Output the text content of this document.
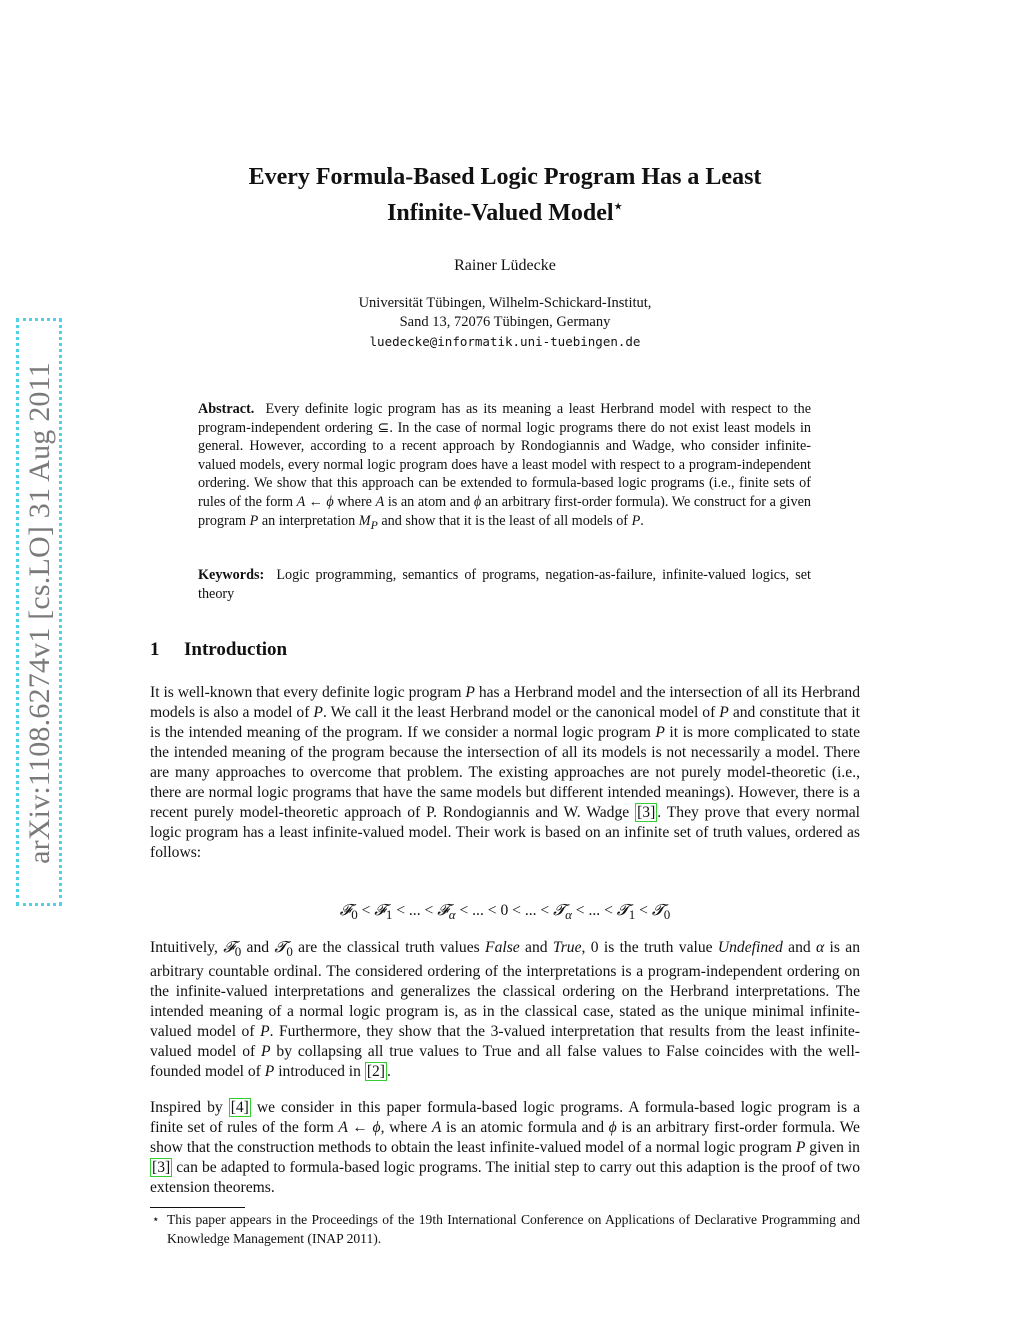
arXiv:1108.6274v1 [cs.LO] 31 Aug 2011
Every Formula-Based Logic Program Has a Least
Infinite-Valued Model⋆
Rainer Lüdecke
Universität Tübingen, Wilhelm-Schickard-Institut,
Sand 13, 72076 Tübingen, Germany
luedecke@informatik.uni-tuebingen.de

Abstract. Every definite logic program has as its meaning a least Herbrand model with respect to the program-independent ordering ⊆. In the case of normal logic programs there do not exist least models in general. However, according to a recent approach by Rondogiannis and Wadge, who consider infinite-valued models, every normal logic program does have a least model with respect to a program-independent ordering. We show that this approach can be extended to formula-based logic programs (i.e., finite sets of rules of the form A ← ϕ where A is an atom and ϕ an arbitrary first-order formula). We construct for a given program P an interpretation $M_P$ and show that it is the least of all models of P.

Keywords: Logic programming, semantics of programs, negation-as-failure, infinite-valued logics, set theory

1 Introduction

It is well-known that every definite logic program P has a Herbrand model and the intersection of all its Herbrand models is also a model of P. We call it the least Herbrand model or the canonical model of P and constitute that it is the intended meaning of the program. If we consider a normal logic program P it is more complicated to state the intended meaning of the program because the intersection of all its models is not necessarily a model. There are many approaches to overcome that problem. The existing approaches are not purely model-theoretic (i.e., there are normal logic programs that have the same models but different intended meanings). However, there is a recent purely model-theoretic approach of P. Rondogiannis and W. Wadge [3] . They prove that every normal logic program has a least infinite-valued model. Their work is based on an infinite set of truth values, ordered as follows:

𝓕$_0$ < 𝓕$_1$ < ... < 𝓕$_\alpha$ < ... < 0 < ... < 𝓣$_\alpha$ < ... < 𝓣$_1$ < 𝓣$_0$

Intuitively, 𝓕$_0$ and 𝓣$_0$ are the classical truth values False and True, 0 is the truth value Undefined and α is an arbitrary countable ordinal. The considered ordering of the interpretations is a program-independent ordering on the infinite-valued interpretations and generalizes the classical ordering on the Herbrand interpretations. The intended meaning of a normal logic program is, as in the classical case, stated as the unique minimal infinite-valued model of P. Furthermore, they show that the 3-valued interpretation that results from the least infinite-valued model of P by collapsing all true values to True and all false values to False coincides with the well-founded model of P introduced in [2] .

Inspired by [4] we consider in this paper formula-based logic programs. A formula-based logic program is a finite set of rules of the form A ← ϕ, where A is an atomic formula and ϕ is an arbitrary first-order formula. We show that the construction methods to obtain the least infinite-valued model of a normal logic program P given in [3] can be adapted to formula-based logic programs. The initial step to carry out this adaption is the proof of two extension theorems.

⋆ This paper appears in the Proceedings of the 19th International Conference on Applications of Declarative Programming and Knowledge Management (INAP 2011).
